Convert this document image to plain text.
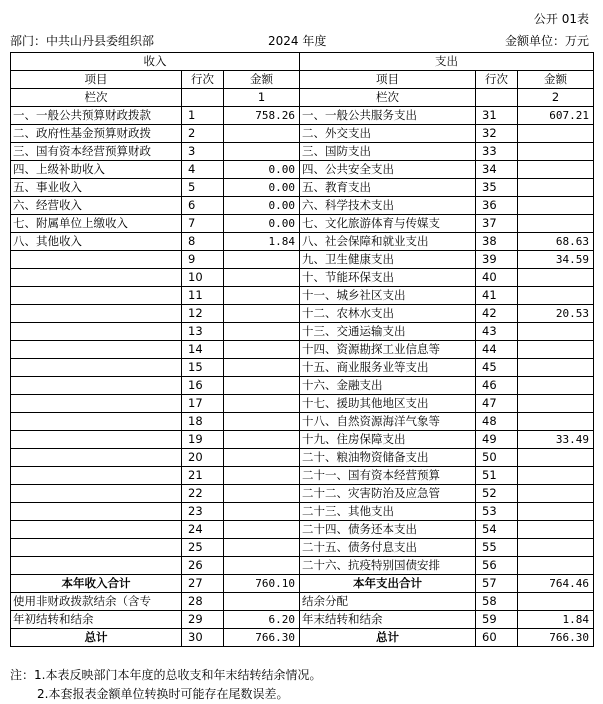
公开 01表
部门：中共山丹县委组织部	2024 年度	金额单位：万元
收入			支出		
项目	行次	金额	项目	行次	金额
栏次		1	栏次		2
一、一般公共预算财政拨款	1	758.26	一、一般公共服务支出	31	607.21
二、政府性基金预算财政拨	2		二、外交支出	32	
三、国有资本经营预算财政	3		三、国防支出	33	
四、上级补助收入	4	0.00	四、公共安全支出	34	
五、事业收入	5	0.00	五、教育支出	35	
六、经营收入	6	0.00	六、科学技术支出	36	
七、附属单位上缴收入	7	0.00	七、文化旅游体育与传媒支	37	
八、其他收入	8	1.84	八、社会保障和就业支出	38	68.63
	9		九、卫生健康支出	39	34.59
	10		十、节能环保支出	40	
	11		十一、城乡社区支出	41	
	12		十二、农林水支出	42	20.53
	13		十三、交通运输支出	43	
	14		十四、资源勘探工业信息等	44	
	15		十五、商业服务业等支出	45	
	16		十六、金融支出	46	
	17		十七、援助其他地区支出	47	
	18		十八、自然资源海洋气象等	48	
	19		十九、住房保障支出	49	33.49
	20		二十、粮油物资储备支出	50	
	21		二十一、国有资本经营预算	51	
	22		二十二、灾害防治及应急管	52	
	23		二十三、其他支出	53	
	24		二十四、债务还本支出	54	
	25		二十五、债务付息支出	55	
	26		二十六、抗疫特别国债安排	56	
本年收入合计	27	760.10	本年支出合计	57	764.46
使用非财政拨款结余（含专	28		结余分配	58	
年初结转和结余	29	6.20	年末结转和结余	59	1.84
总计	30	766.30	总计	60	766.30
注：1.本表反映部门本年度的总收支和年末结转结余情况。
2.本套报表金额单位转换时可能存在尾数误差。
